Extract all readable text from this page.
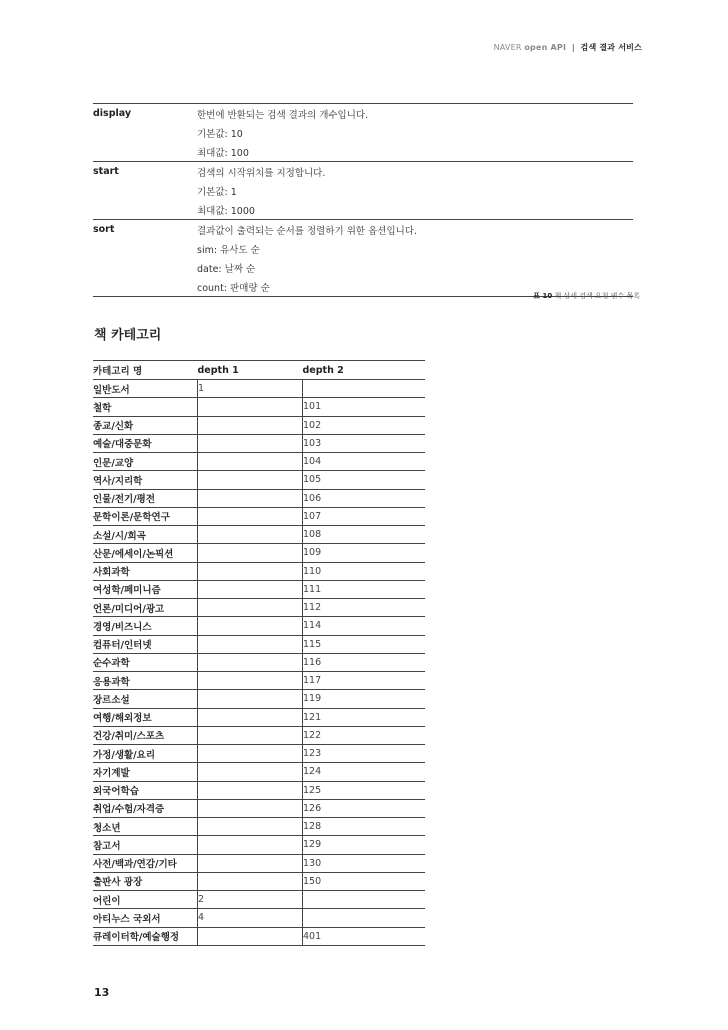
NAVER open API | 검색 결과 서비스
display	한번에 반환되는 검색 결과의 개수입니다.
기본값: 10
최대값: 100
start	검색의 시작위치를 지정합니다.
기본값: 1
최대값: 1000
sort	결과값이 출력되는 순서를 정렬하기 위한 옵션입니다.
sim: 유사도 순
date: 날짜 순
count: 판매량 순
표 10 책 상세 검색 요청 변수 목록
책 카테고리
카테고리 명	depth 1	depth 2
일반도서	1	
철학		101
종교/신화		102
예술/대중문화		103
인문/교양		104
역사/지리학		105
인물/전기/평전		106
문학이론/문학연구		107
소설/시/희곡		108
산문/에세이/논픽션		109
사회과학		110
여성학/페미니즘		111
언론/미디어/광고		112
경영/비즈니스		114
컴퓨터/인터넷		115
순수과학		116
응용과학		117
장르소설		119
여행/해외정보		121
건강/취미/스포츠		122
가정/생활/요리		123
자기계발		124
외국어학습		125
취업/수험/자격증		126
청소년		128
참고서		129
사전/백과/연감/기타		130
출판사 광장		150
어린이	2	
아티누스 국외서	4	
큐레이터학/예술행정		401
13
